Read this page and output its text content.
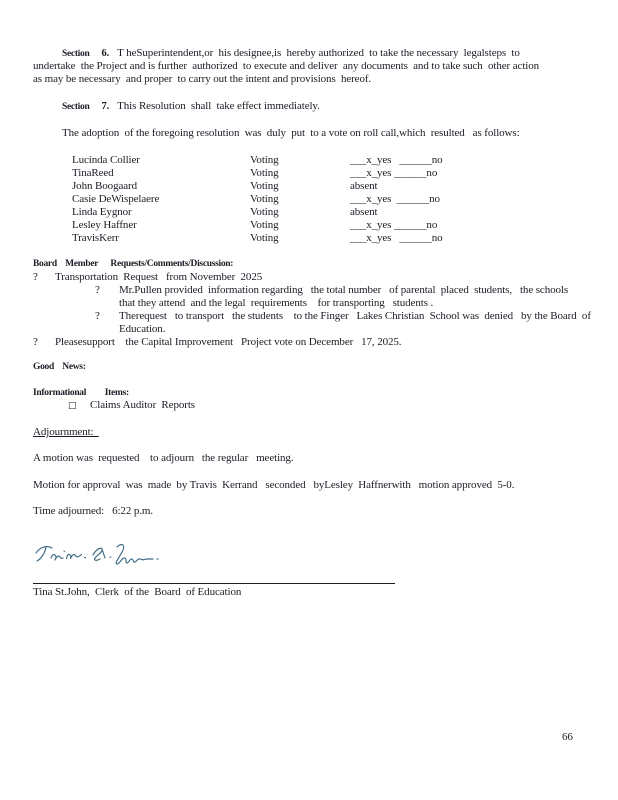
Section 6. T heSuperintendent,or  his designee,is  hereby authorized  to take the necessary  legalsteps  to
undertake  the Project and is further  authorized  to execute and deliver  any documents  and to take such  other action
as may be necessary  and proper  to carry out the intent and provisions  hereof.
Section 7. This Resolution  shall  take effect immediately.
The adoption  of the foregoing resolution  was  duly  put  to a vote on roll call,which  resulted   as follows:
Lucinda Collier	Voting	___x_yes   ______no
TinaReed	Voting	___x_yes ______no
John Boogaard	Voting	absent
Casie DeWispelaere	Voting	___x_yes  ______no
Linda Eygnor	Voting	absent
Lesley Haffner	Voting	___x_yes ______no
TravisKerr	Voting	___x_yes   ______no
Board    Member      Requests/Comments/Discussion:
? Transportation  Request   from November  2025
? Mr.Pullen provided  information regarding   the total number   of parental  placed  students,   the schools
that they attend  and the legal  requirements    for transporting   students .
? Therequest   to transport   the students    to the Finger   Lakes Christian  School was  denied   by the Board  of
Education.
? Pleasesupport    the Capital Improvement   Project vote on December   17, 2025.
Good    News:
Informational         Items:
□ Claims Auditor  Reports
Adjournment:
A motion was  requested    to adjourn   the regular   meeting.
Motion for approval  was  made  by Travis  Kerrand   seconded   byLesley  Haffnerwith   motion approved  5-0.
Time adjourned:   6:22 p.m.
Tina St.John,  Clerk  of the  Board  of Education
66
